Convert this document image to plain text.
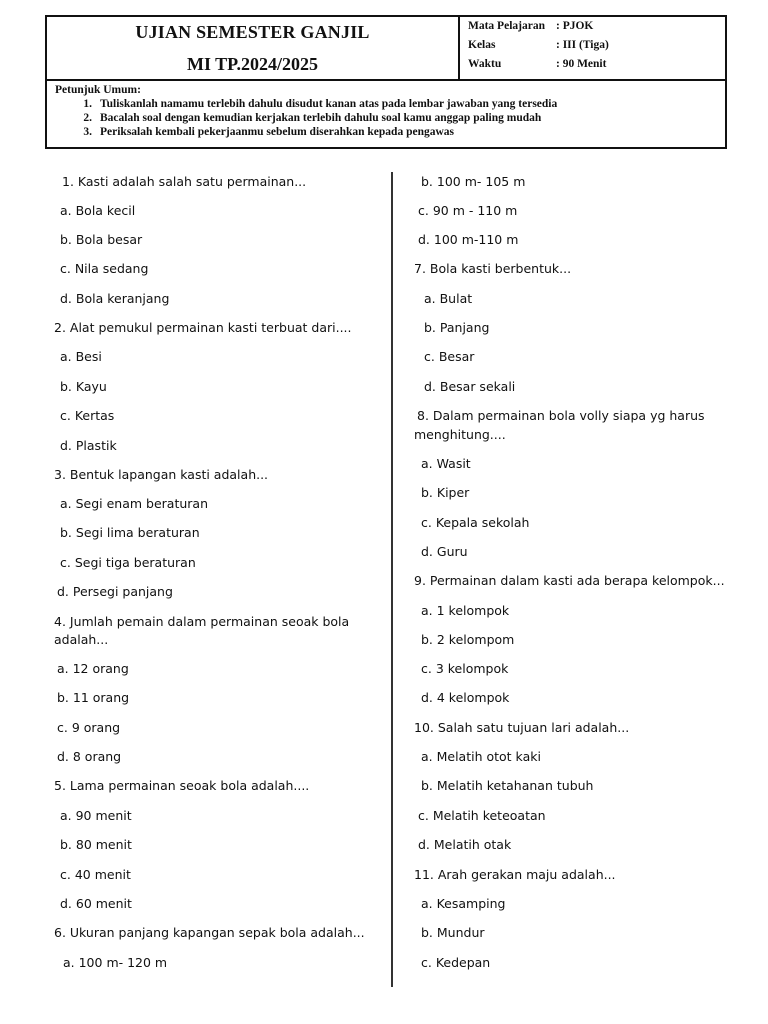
UJIAN SEMESTER GANJIL
MI TP.2024/2025
Mata Pelajaran : PJOK
Kelas	: III (Tiga)
Waktu	: 90 Menit
Petunjuk Umum:
1. Tuliskanlah namamu terlebih dahulu disudut kanan atas pada lembar jawaban yang tersedia
2. Bacalah soal dengan kemudian kerjakan terlebih dahulu soal kamu anggap paling mudah
3. Periksalah kembali pekerjaanmu sebelum diserahkan kepada pengawas
1. Kasti adalah salah satu permainan...
a. Bola kecil
b. Bola besar
c. Nila sedang
d. Bola keranjang
2. Alat pemukul permainan kasti terbuat dari....
a. Besi
b. Kayu
c. Kertas
d. Plastik
3. Bentuk lapangan kasti adalah...
a. Segi enam beraturan
b. Segi lima beraturan
c. Segi tiga beraturan
d. Persegi panjang
4. Jumlah pemain dalam permainan seoak bola
adalah...
a. 12 orang
b. 11 orang
c. 9 orang
d. 8 orang
5. Lama permainan seoak bola adalah....
a. 90 menit
b. 80 menit
c. 40 menit
d. 60 menit
6. Ukuran panjang kapangan sepak bola adalah...
a. 100 m- 120 m
b. 100 m- 105 m
c. 90 m - 110 m
d. 100 m-110 m
7. Bola kasti berbentuk...
a. Bulat
b. Panjang
c. Besar
d. Besar sekali
8. Dalam permainan bola volly siapa yg harus
menghitung....
a. Wasit
b. Kiper
c. Kepala sekolah
d. Guru
9. Permainan dalam kasti ada berapa kelompok...
a. 1 kelompok
b. 2 kelompom
c. 3 kelompok
d. 4 kelompok
10. Salah satu tujuan lari adalah...
a. Melatih otot kaki
b. Melatih ketahanan tubuh
c. Melatih keteoatan
d. Melatih otak
11. Arah gerakan maju adalah...
a. Kesamping
b. Mundur
c. Kedepan
